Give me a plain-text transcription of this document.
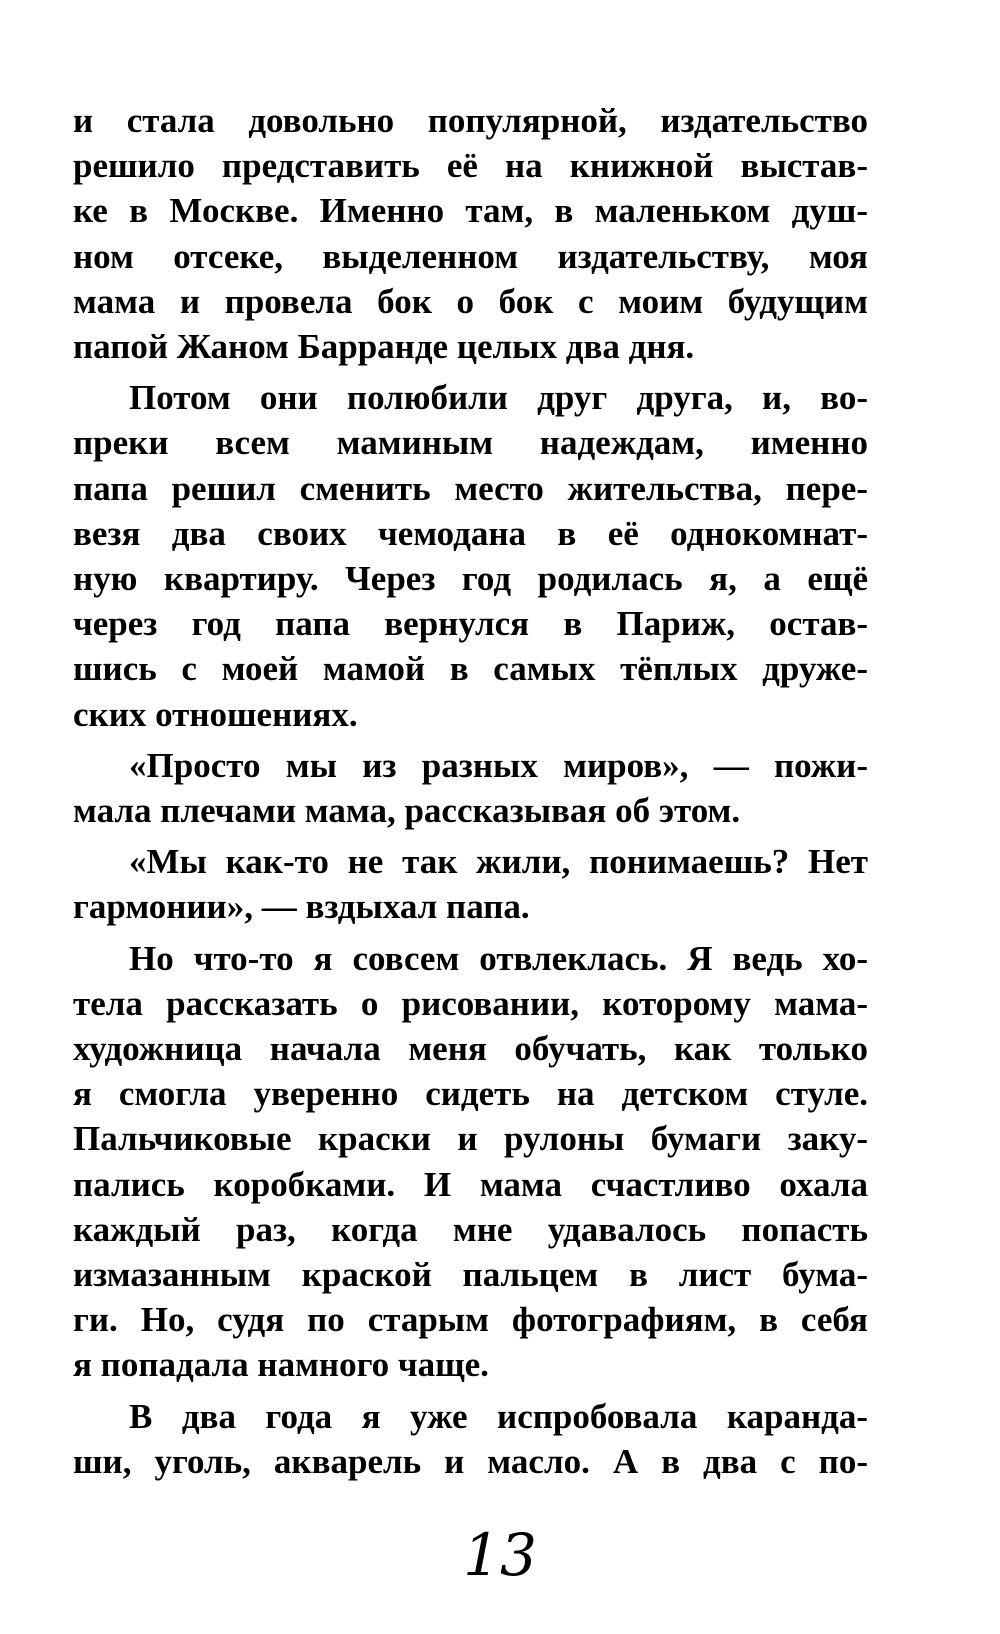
и стала довольно популярной, издательство
решило представить её на книжной выстав-
ке в Москве. Именно там, в маленьком душ-
ном отсеке, выделенном издательству, моя
мама и провела бок о бок с моим будущим
папой Жаном Барранде целых два дня.

Потом они полюбили друг друга, и, во-
преки всем маминым надеждам, именно
папа решил сменить место жительства, пере-
везя два своих чемодана в её однокомнат-
ную квартиру. Через год родилась я, а ещё
через год папа вернулся в Париж, остав-
шись с моей мамой в самых тёплых друже-
ских отношениях.

«Просто мы из разных миров», — пожи-
мала плечами мама, рассказывая об этом.

«Мы как-то не так жили, понимаешь? Нет
гармонии», — вздыхал папа.

Но что-то я совсем отвлеклась. Я ведь хо-
тела рассказать о рисовании, которому мама-
художница начала меня обучать, как только
я смогла уверенно сидеть на детском стуле.
Пальчиковые краски и рулоны бумаги заку-
пались коробками. И мама счастливо охала
каждый раз, когда мне удавалось попасть
измазанным краской пальцем в лист бума-
ги. Но, судя по старым фотографиям, в себя
я попадала намного чаще.

В два года я уже испробовала каранда-
ши, уголь, акварель и масло. А в два с по-

13
